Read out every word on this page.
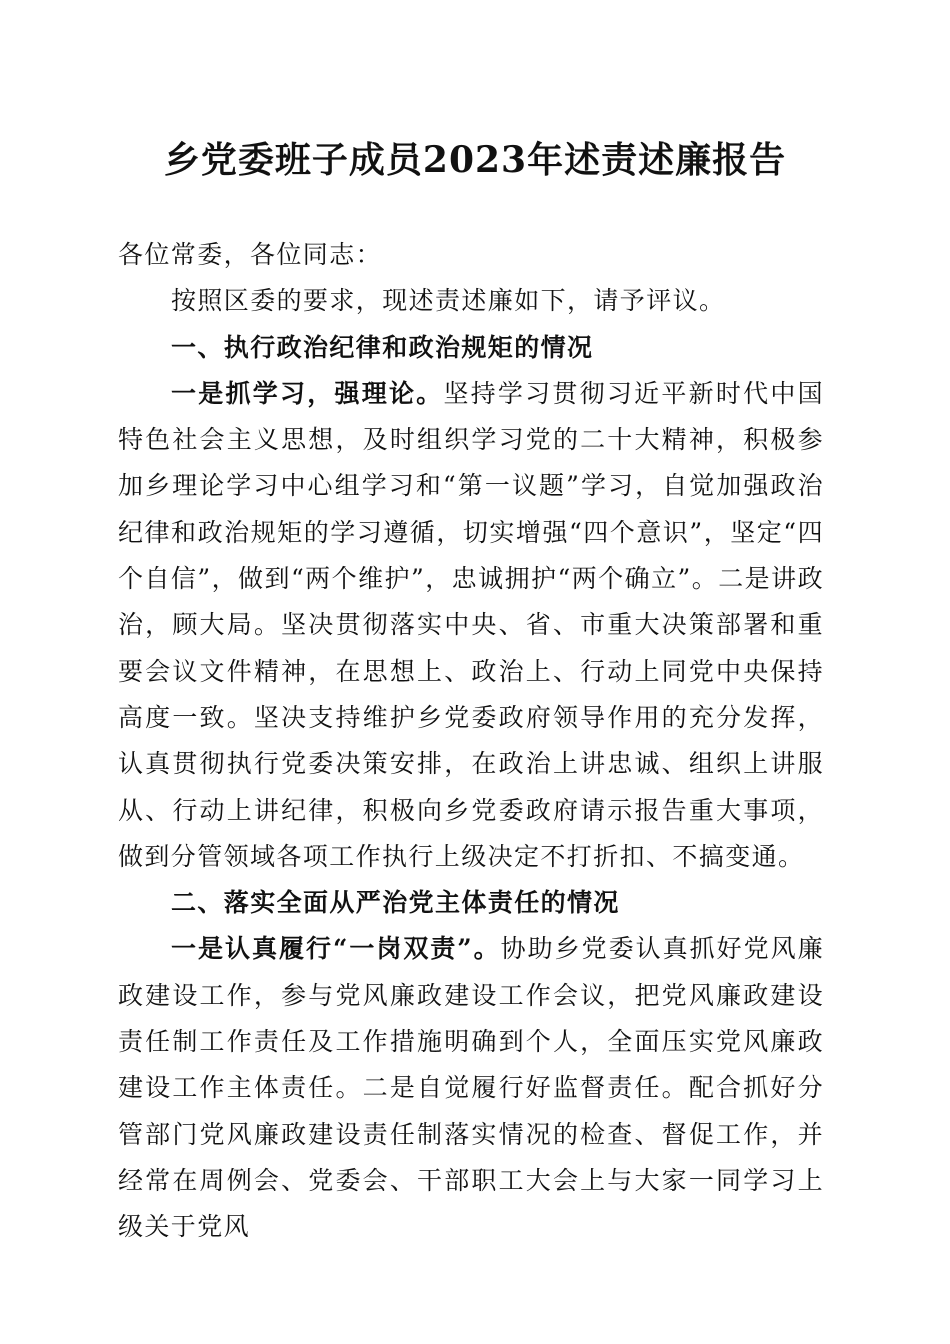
乡党委班子成员2023年述责述廉报告

各位常委，各位同志：

按照区委的要求，现述责述廉如下，请予评议。

一、执行政治纪律和政治规矩的情况

一是抓学习，强理论。坚持学习贯彻习近平新时代中国特色社会主义思想，及时组织学习党的二十大精神，积极参加乡理论学习中心组学习和“第一议题”学习，自觉加强政治纪律和政治规矩的学习遵循，切实增强“四个意识”，坚定“四个自信”，做到“两个维护”，忠诚拥护“两个确立”。二是讲政治，顾大局。坚决贯彻落实中央、省、市重大决策部署和重要会议文件精神，在思想上、政治上、行动上同党中央保持高度一致。坚决支持维护乡党委政府领导作用的充分发挥，认真贯彻执行党委决策安排，在政治上讲忠诚、组织上讲服从、行动上讲纪律，积极向乡党委政府请示报告重大事项，做到分管领域各项工作执行上级决定不打折扣、不搞变通。

二、落实全面从严治党主体责任的情况

一是认真履行“一岗双责”。协助乡党委认真抓好党风廉政建设工作，参与党风廉政建设工作会议，把党风廉政建设责任制工作责任及工作措施明确到个人，全面压实党风廉政建设工作主体责任。二是自觉履行好监督责任。配合抓好分管部门党风廉政建设责任制落实情况的检查、督促工作，并经常在周例会、党委会、干部职工大会上与大家一同学习上级关于党风
